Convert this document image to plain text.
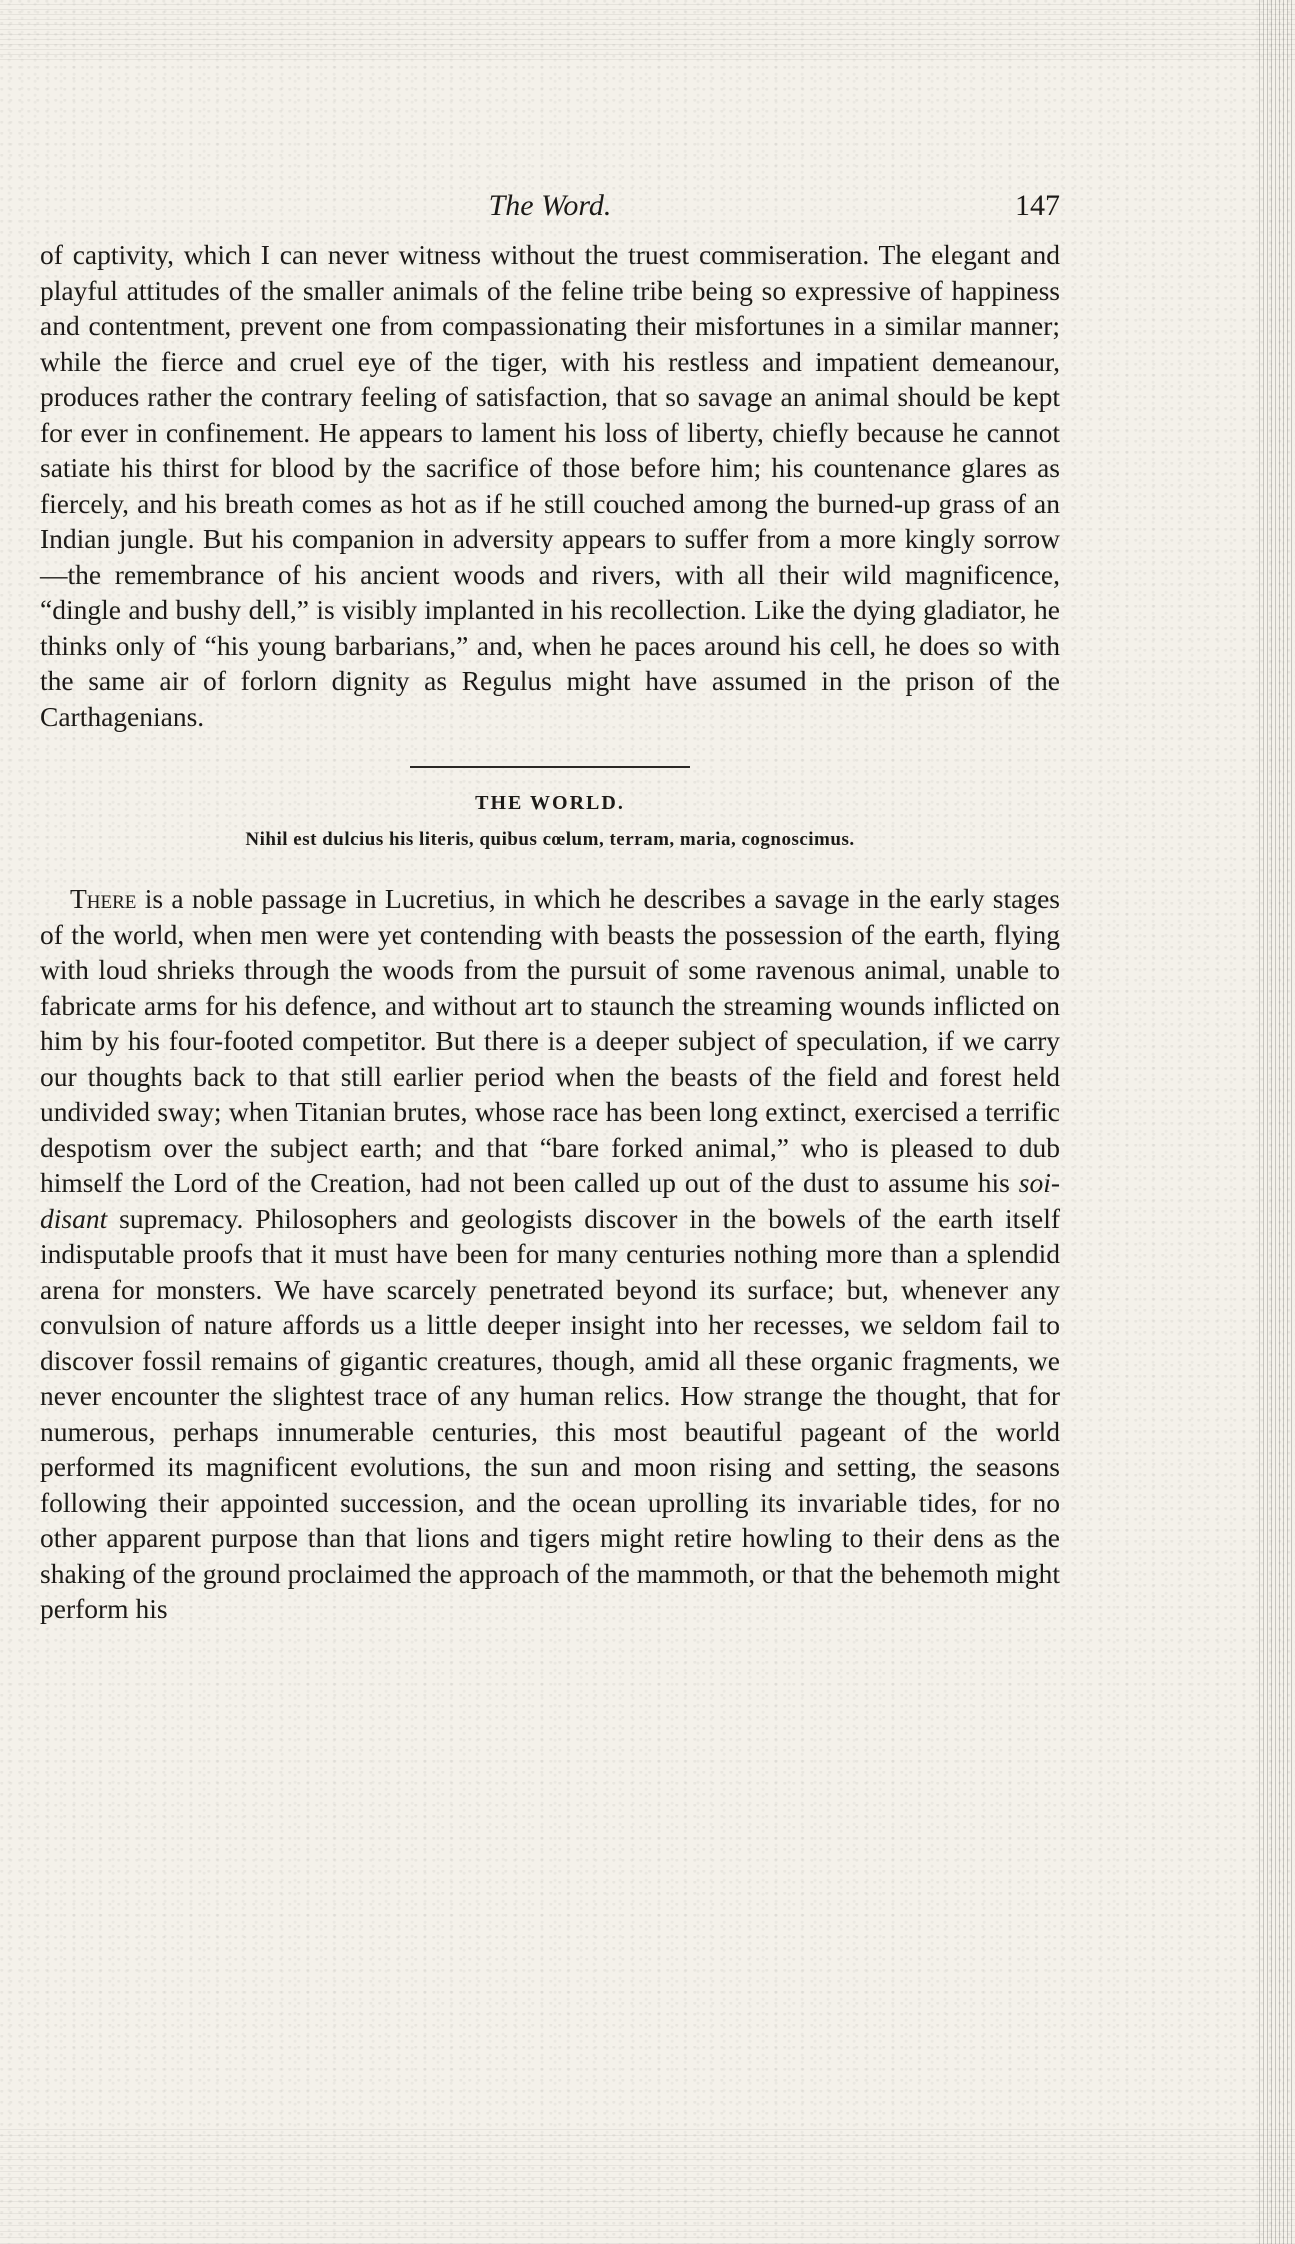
The Word.	147

of captivity, which I can never witness without the truest commiseration. The elegant and playful attitudes of the smaller animals of the feline tribe being so expressive of happiness and contentment, prevent one from compassionating their misfortunes in a similar manner; while the fierce and cruel eye of the tiger, with his restless and impatient demeanour, produces rather the contrary feeling of satisfaction, that so savage an animal should be kept for ever in confinement. He appears to lament his loss of liberty, chiefly because he cannot satiate his thirst for blood by the sacrifice of those before him; his countenance glares as fiercely, and his breath comes as hot as if he still couched among the burned-up grass of an Indian jungle. But his companion in adversity appears to suffer from a more kingly sorrow—the remembrance of his ancient woods and rivers, with all their wild magnificence, “dingle and bushy dell,” is visibly implanted in his recollection. Like the dying gladiator, he thinks only of “his young barbarians,” and, when he paces around his cell, he does so with the same air of forlorn dignity as Regulus might have assumed in the prison of the Carthagenians.

THE WORLD.
Nihil est dulcius his literis, quibus cœlum, terram, maria, cognoscimus.

There is a noble passage in Lucretius, in which he describes a savage in the early stages of the world, when men were yet contending with beasts the possession of the earth, flying with loud shrieks through the woods from the pursuit of some ravenous animal, unable to fabricate arms for his defence, and without art to staunch the streaming wounds inflicted on him by his four-footed competitor. But there is a deeper subject of speculation, if we carry our thoughts back to that still earlier period when the beasts of the field and forest held undivided sway; when Titanian brutes, whose race has been long extinct, exercised a terrific despotism over the subject earth; and that “bare forked animal,” who is pleased to dub himself the Lord of the Creation, had not been called up out of the dust to assume his soi-disant supremacy. Philosophers and geologists discover in the bowels of the earth itself indisputable proofs that it must have been for many centuries nothing more than a splendid arena for monsters. We have scarcely penetrated beyond its surface; but, whenever any convulsion of nature affords us a little deeper insight into her recesses, we seldom fail to discover fossil remains of gigantic creatures, though, amid all these organic fragments, we never encounter the slightest trace of any human relics. How strange the thought, that for numerous, perhaps innumerable centuries, this most beautiful pageant of the world performed its magnificent evolutions, the sun and moon rising and setting, the seasons following their appointed succession, and the ocean uprolling its invariable tides, for no other apparent purpose than that lions and tigers might retire howling to their dens as the shaking of the ground proclaimed the approach of the mammoth, or that the behemoth might perform his
